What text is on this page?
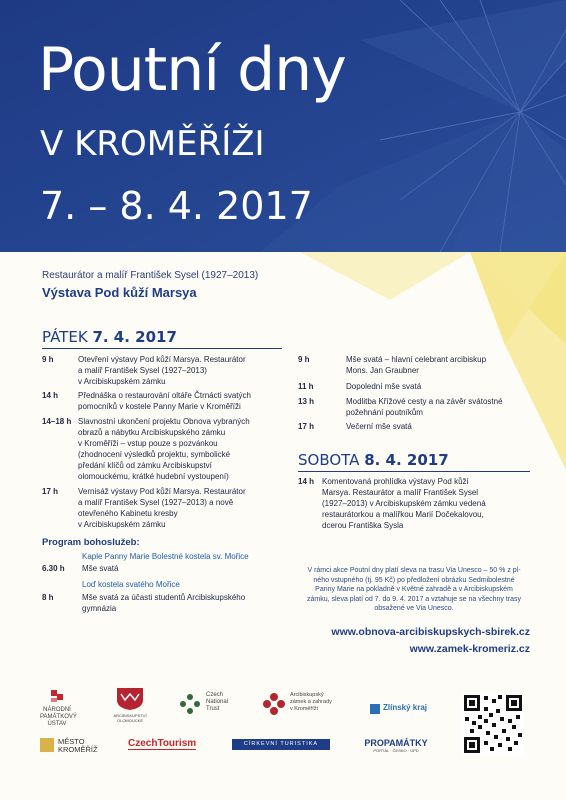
Poutní dny
V KROMĚŘÍŽI
7. – 8. 4. 2017
Restaurátor a malíř František Sysel (1927–2013)
Výstava Pod kůží Marsya
PÁTEK 7. 4. 2017
9 h	Otevření výstavy Pod kůží Marsya. Restaurátor
a malíř František Sysel (1927–2013)
v Arcibiskupském zámku
14 h Přednáška o restaurování oltáře Čtrnácti svatých
pomocníků v kostele Panny Marie v Kroměříži
14–18 h Slavnostní ukončení projektu Obnova vybraných
obrazů a nábytku Arcibiskupského zámku
v Kroměříži – vstup pouze s pozvánkou
(zhodnocení výsledků projektu, symbolické
předání klíčů od zámku Arcibiskupství
olomouckému, krátké hudební vystoupení)
17 h Vernisáž výstavy Pod kůží Marsya. Restaurátor
a malíř František Sysel (1927–2013) a nově
otevřeného Kabinetu kresby
v Arcibiskupském zámku
Program bohoslužeb:
Kaple Panny Marie Bolestné kostela sv. Mořice
6.30 h Mše svatá
Loď kostela svatého Mořice
8 h	Mše svatá za účasti studentů Arcibiskupského gymnázia
9 h	Mše svatá – hlavní celebrant arcibiskup
Mons. Jan Graubner
11 h	Dopolední mše svatá
13 h	Modlitba Křížové cesty a na závěr svátostné
požehnání poutníkům
17 h	Večerní mše svatá
SOBOTA 8. 4. 2017
14 h Komentovaná prohlídka výstavy Pod kůží
Marsya. Restaurátor a malíř František Sysel
(1927–2013) v Arcibiskupském zámku vedená
restaurátorkou a malířkou Marií Dočekalovou,
dcerou Františka Sysla
V rámci akce Poutní dny platí sleva na trasu Via Unesco – 50 % z pl-
ného vstupného (tj. 95 Kč) po předložení obrázku Sedmibolestné
Panny Marie na pokladně v Květné zahradě a v Arcibiskupském
zámku, sleva platí od 7. do 9. 4. 2017 a vztahuje se na všechny trasy
obsažené ve Via Unesco.
www.obnova-arcibiskupskych-sbirek.cz
www.zamek-kromeriz.cz
NÁRODNÍ
PAMÁTKOVÝ
ÚSTAV
ARCIBISKUPSTVÍ OLOMOUCKÉ
Czech
National
Trust
Arcibiskupský
zámek a zahrady
v Kroměříži	Zlínský kraj
MĚSTO
KROMĚŘÍŽ
CzechTourism	CÍRKEVNÍ TURISTIKA	PROPAMÁTKY
PORTÁL · ČESKO · UPD
